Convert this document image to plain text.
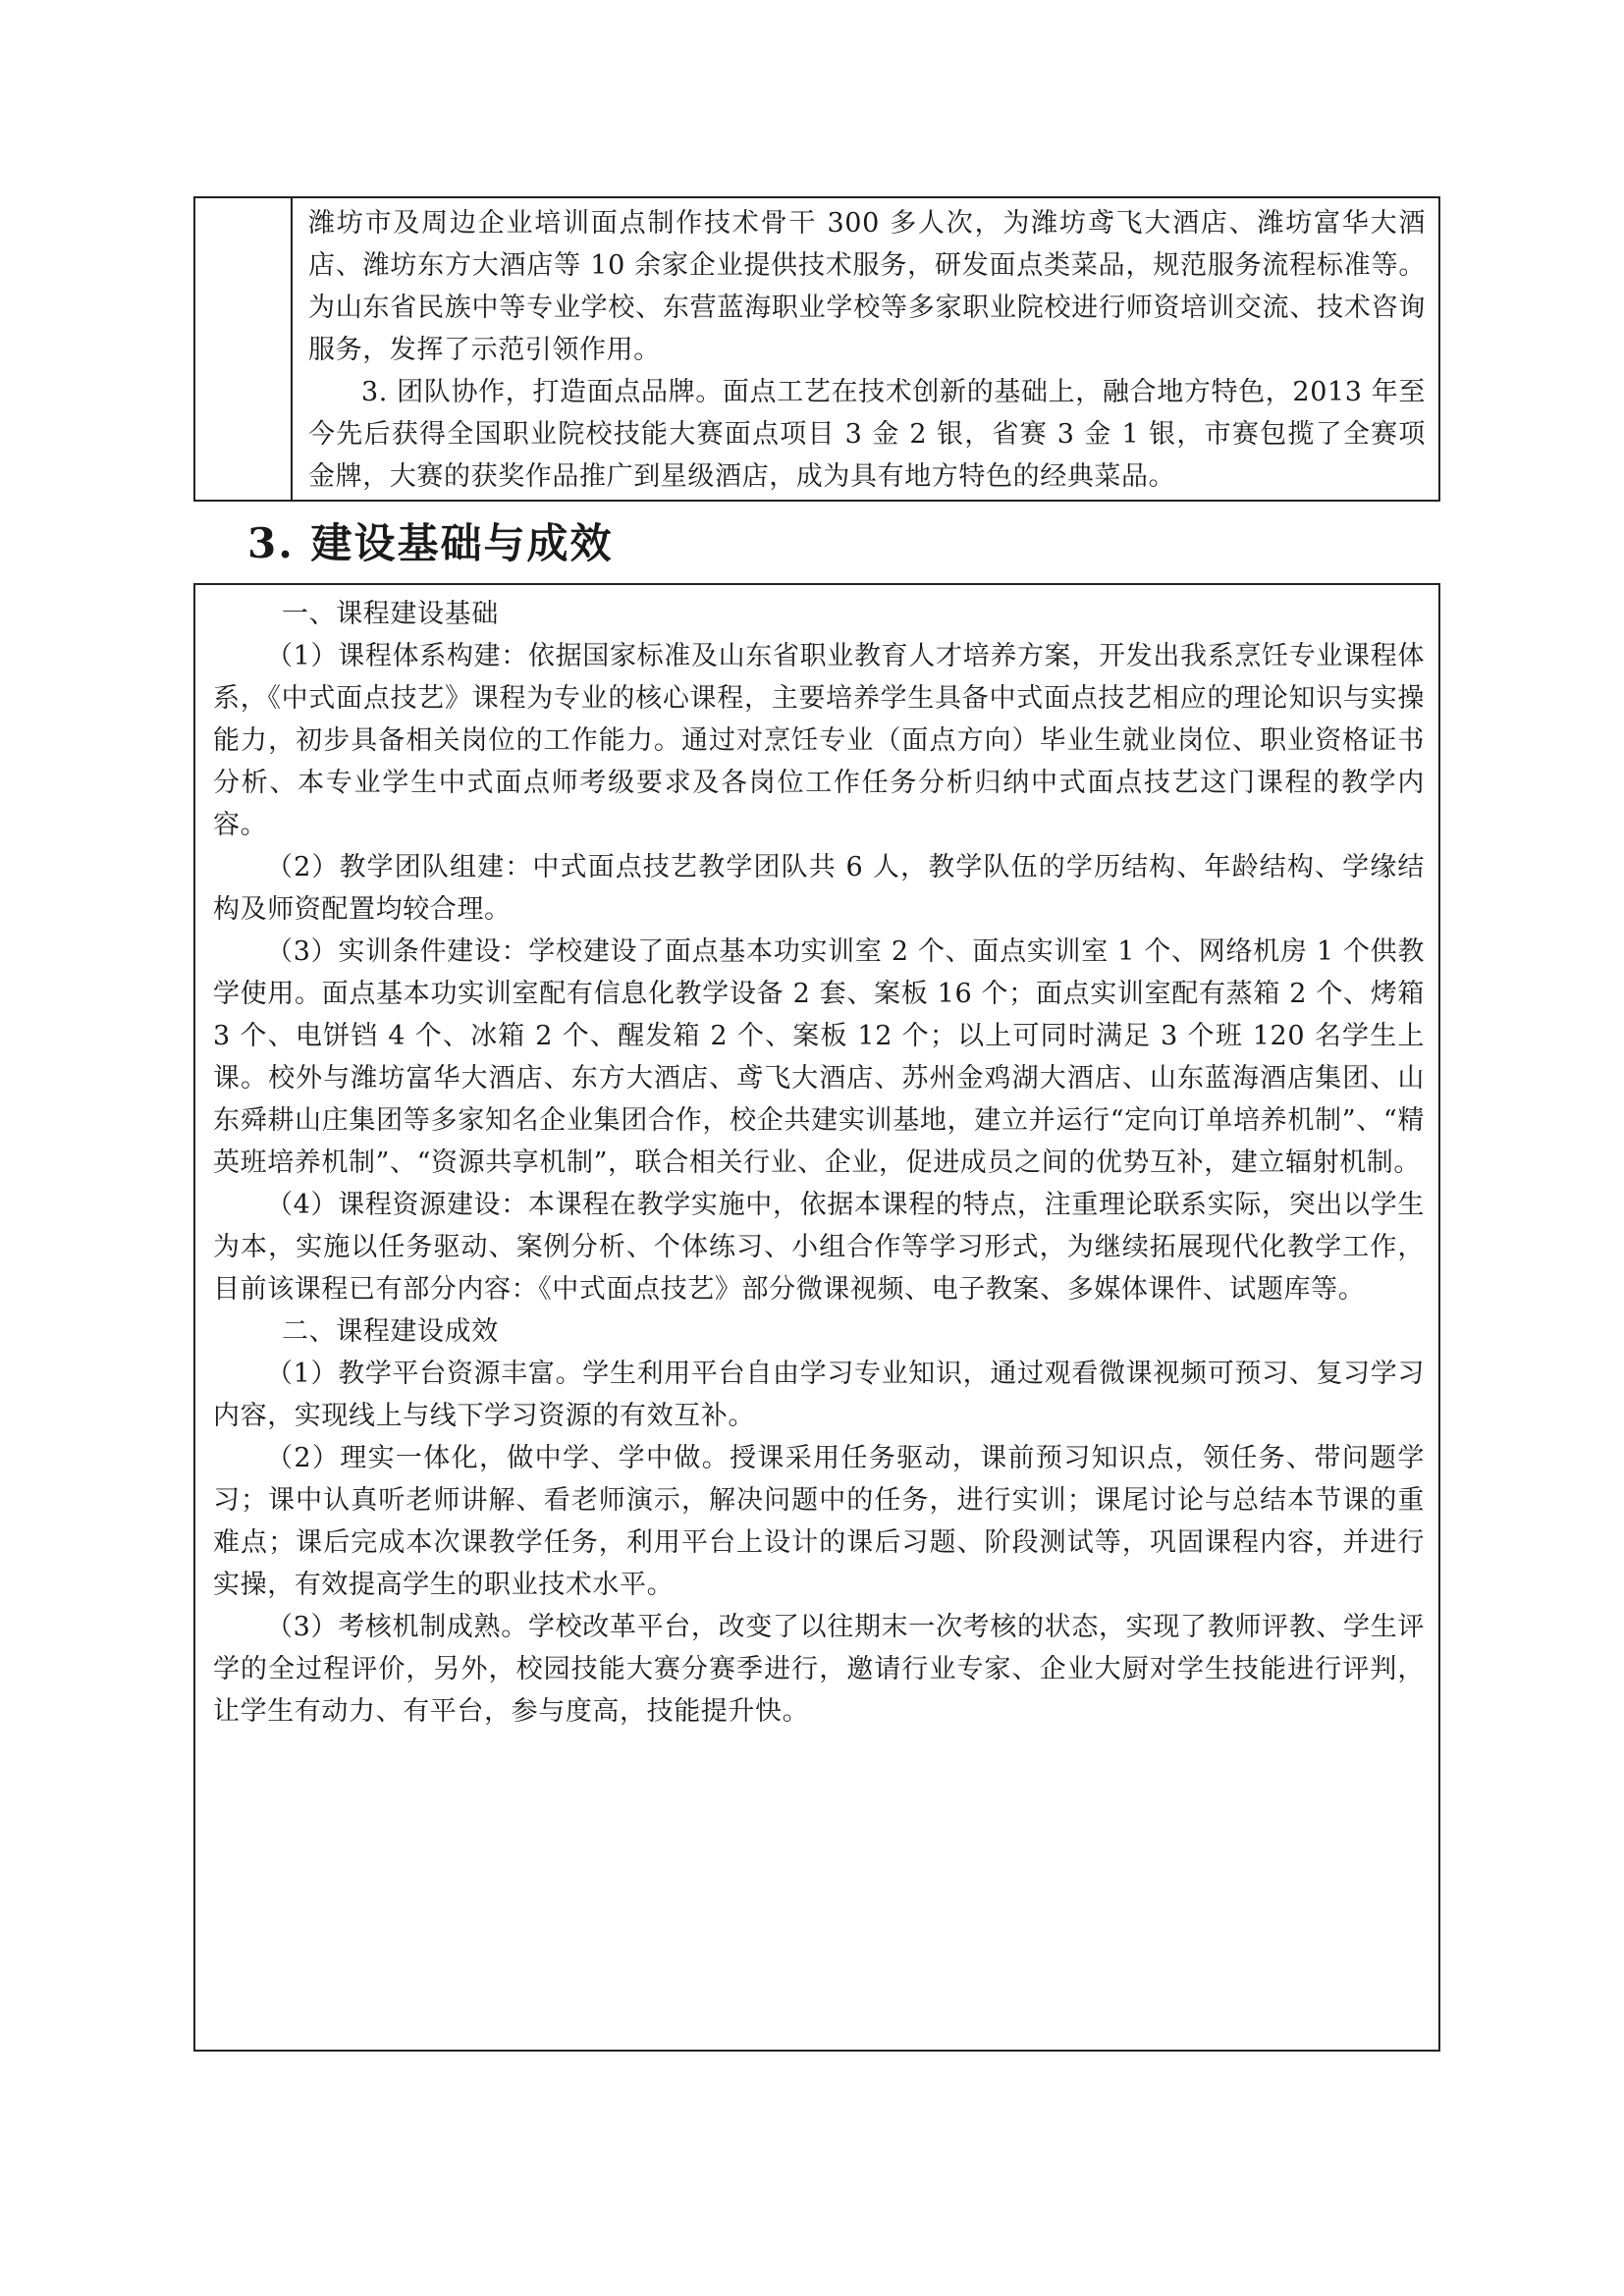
潍坊市及周边企业培训面点制作技术骨干 300 多人次，为潍坊鸢飞大酒店、潍坊富华大酒店、潍坊东方大酒店等 10 余家企业提供技术服务，研发面点类菜品，规范服务流程标准等。为山东省民族中等专业学校、东营蓝海职业学校等多家职业院校进行师资培训交流、技术咨询服务，发挥了示范引领作用。

3. 团队协作，打造面点品牌。面点工艺在技术创新的基础上，融合地方特色，2013 年至今先后获得全国职业院校技能大赛面点项目 3 金 2 银，省赛 3 金 1 银，市赛包揽了全赛项金牌，大赛的获奖作品推广到星级酒店，成为具有地方特色的经典菜品。

3. 建设基础与成效

一、课程建设基础

（1）课程体系构建：依据国家标准及山东省职业教育人才培养方案，开发出我系烹饪专业课程体系，《中式面点技艺》课程为专业的核心课程，主要培养学生具备中式面点技艺相应的理论知识与实操能力，初步具备相关岗位的工作能力。通过对烹饪专业（面点方向）毕业生就业岗位、职业资格证书分析、本专业学生中式面点师考级要求及各岗位工作任务分析归纳中式面点技艺这门课程的教学内容。

（2）教学团队组建：中式面点技艺教学团队共 6 人，教学队伍的学历结构、年龄结构、学缘结构及师资配置均较合理。

（3）实训条件建设：学校建设了面点基本功实训室 2 个、面点实训室 1 个、网络机房 1 个供教学使用。面点基本功实训室配有信息化教学设备 2 套、案板 16 个；面点实训室配有蒸箱 2 个、烤箱 3 个、电饼铛 4 个、冰箱 2 个、醒发箱 2 个、案板 12 个；以上可同时满足 3 个班 120 名学生上课。校外与潍坊富华大酒店、东方大酒店、鸢飞大酒店、苏州金鸡湖大酒店、山东蓝海酒店集团、山东舜耕山庄集团等多家知名企业集团合作，校企共建实训基地，建立并运行“定向订单培养机制”、“精英班培养机制”、“资源共享机制”，联合相关行业、企业，促进成员之间的优势互补，建立辐射机制。

（4）课程资源建设：本课程在教学实施中，依据本课程的特点，注重理论联系实际，突出以学生为本，实施以任务驱动、案例分析、个体练习、小组合作等学习形式，为继续拓展现代化教学工作，目前该课程已有部分内容：《中式面点技艺》部分微课视频、电子教案、多媒体课件、试题库等。

二、课程建设成效

（1）教学平台资源丰富。学生利用平台自由学习专业知识，通过观看微课视频可预习、复习学习内容，实现线上与线下学习资源的有效互补。

（2）理实一体化，做中学、学中做。授课采用任务驱动，课前预习知识点，领任务、带问题学习；课中认真听老师讲解、看老师演示，解决问题中的任务，进行实训；课尾讨论与总结本节课的重难点；课后完成本次课教学任务，利用平台上设计的课后习题、阶段测试等，巩固课程内容，并进行实操，有效提高学生的职业技术水平。

（3）考核机制成熟。学校改革平台，改变了以往期末一次考核的状态，实现了教师评教、学生评学的全过程评价，另外，校园技能大赛分赛季进行，邀请行业专家、企业大厨对学生技能进行评判，让学生有动力、有平台，参与度高，技能提升快。
